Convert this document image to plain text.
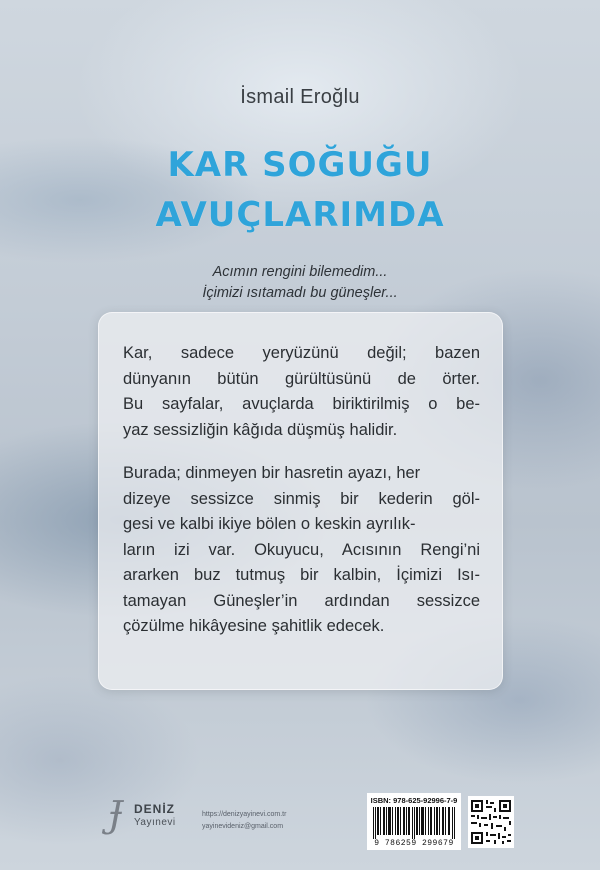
İsmail Eroğlu
KAR SOĞUĞU
AVUÇLARIMDA
Acımın rengini bilemedim...
İçimizi ısıtamadı bu güneşler...

Kar, sadece yeryüzünü değil; bazen
dünyanın bütün gürültüsünü de örter.
Bu sayfalar, avuçlarda biriktirilmiş o be-
yaz sessizliğin kâğıda düşmüş halidir.

Burada; dinmeyen bir hasretin ayazı, her
dizeye sessizce sinmiş bir kederin göl-
gesi ve kalbi ikiye bölen o keskin ayrılık-
ların izi var. Okuyucu, Acısının Rengi’ni
ararken buz tutmuş bir kalbin, İçimizi Isı-
tamayan Güneşler’in ardından sessizce
çözülme hikâyesine şahitlik edecek.

Ɉ DENİZ
Yayınevi
https://denizyayinevi.com.tr
yayinevideniz@gmail.com
ISBN: 978-625-92996-7-9
9 786259 299679
